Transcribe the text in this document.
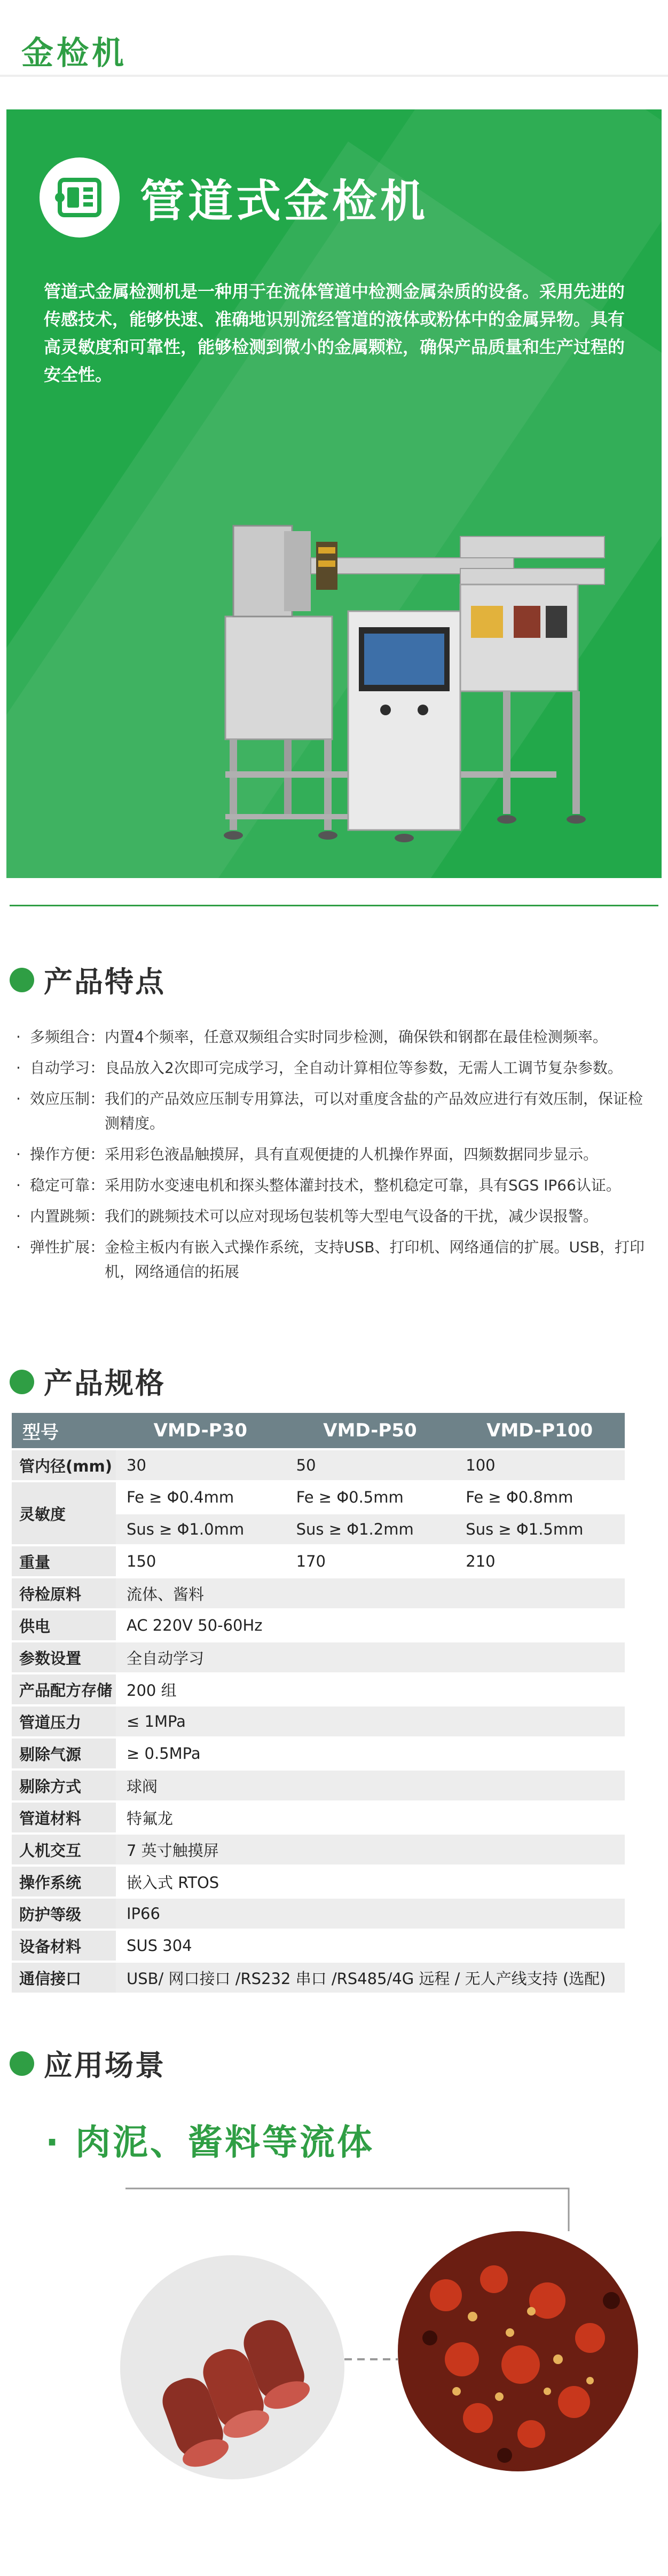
金检机
管道式金检机
管道式金属检测机是一种用于在流体管道中检测金属杂质的设备。采用先进的传感技术，能够快速、准确地识别流经管道的液体或粉体中的金属异物。具有高灵敏度和可靠性，能够检测到微小的金属颗粒，确保产品质量和生产过程的安全性。
产品特点
· 多频组合： 内置4个频率，任意双频组合实时同步检测，确保铁和钢都在最佳检测频率。
· 自动学习： 良品放入2次即可完成学习，全自动计算相位等参数，无需人工调节复杂参数。
· 效应压制： 我们的产品效应压制专用算法，可以对重度含盐的产品效应进行有效压制，保证检测精度。
· 操作方便： 采用彩色液晶触摸屏，具有直观便捷的人机操作界面，四频数据同步显示。
· 稳定可靠： 采用防水变速电机和探头整体灌封技术，整机稳定可靠，具有SGS IP66认证。
· 内置跳频： 我们的跳频技术可以应对现场包装机等大型电气设备的干扰，减少误报警。
· 弹性扩展： 金检主板内有嵌入式操作系统，支持USB、打印机、网络通信的扩展。USB，打印机，网络通信的拓展
产品规格
型号	VMD-P30	VMD-P50	VMD-P100
管内径(mm)	30	50	100
灵敏度	Fe ≥ Φ0.4mm	Fe ≥ Φ0.5mm	Fe ≥ Φ0.8mm
	Sus ≥ Φ1.0mm	Sus ≥ Φ1.2mm	Sus ≥ Φ1.5mm
重量	150	170	210
待检原料	流体、酱料		
供电	AC 220V 50-60Hz		
参数设置	全自动学习		
产品配方存储	200 组		
管道压力	≤ 1MPa		
剔除气源	≥ 0.5MPa		
剔除方式	球阀		
管道材料	特氟龙		
人机交互	7 英寸触摸屏		
操作系统	嵌入式 RTOS		
防护等级	IP66		
设备材料	SUS 304		
通信接口	USB/ 网口接口 /RS232 串口 /RS485/4G 远程 / 无人产线支持 (选配)		
应用场景
· 肉泥、酱料等流体
